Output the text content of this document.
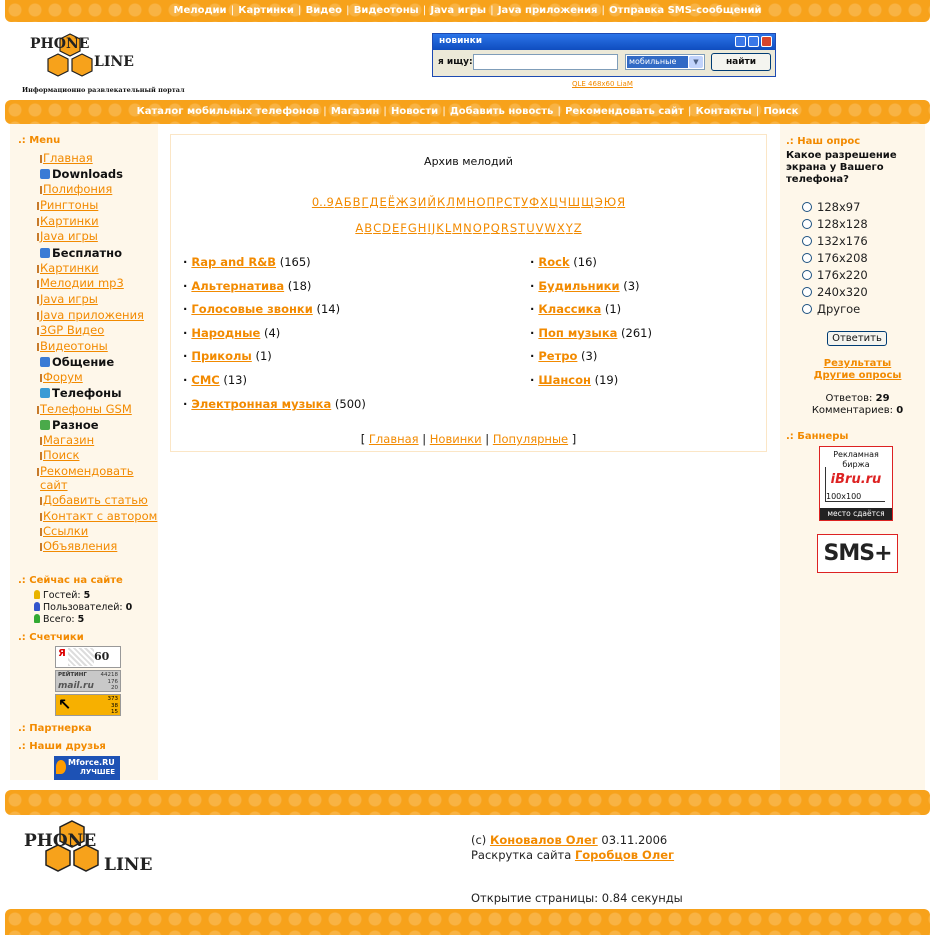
Мелодии | Картинки | Видео | Видеотоны | Java игры | Java приложения | Отправка SMS-сообщений
PHONE
LINE
Информационно развлекательный портал
новинки
я ищу:	мобильные	▼	найти
QLE 468x60 LiaM
Каталог мобильных телефонов | Магазин | Новости | Добавить новость | Рекомендовать сайт | Контакты | Поиск
Архив мелодий
0..9АБВГДЕЁЖЗИЙКЛМНОПРСТУФХЦЧШЩЭЮЯ
ABCDEFGHIJKLMNOPQRSTUVWXYZ
[ Главная | Новинки | Популярные ]
.: Menu
Главная
Downloads
Полифония
Рингтоны
Картинки
Java игры
Бесплатно
Картинки
Мелодии mp3
Java игры
Java приложения
3GP Видео
Видеотоны
Общение
Форум
Телефоны
Телефоны GSM
Разное
Магазин
Поиск
Рекомендовать
сайт
Добавить статью
Контакт с автором
Ссылки
Объявления
.: Сейчас на сайте
Гостей: 5
Пользователей: 0
Всего: 5
.: Счетчики
Я	60
РЕЙТИНГ
mail.ru
44218
176
20
↖	373
38
15
.: Партнерка
.: Наши друзья
Mforce.RU
ЛУЧШЕЕ
· Rap and R&B (165)
· Альтернатива (18)
· Голосовые звонки (14)
· Народные (4)
· Приколы (1)
· СМС (13)
· Электронная музыка (500)
· Rock (16)
· Будильники (3)
· Классика (1)
· Поп музыка (261)
· Ретро (3)
· Шансон (19)
.: Наш опрос
Какое разрешение экрана у Вашего телефона?
128x97
128x128
132x176
176x208
176x220
240x320
Другое
Ответить
Результаты
Другие опросы
Ответов: 29
Комментариев: 0
.: Баннеры
Рекламная
биржа
iBru.ru
100x100
место сдаётся
SMS+
PHONE
LINE
(с) Коновалов Олег 03.11.2006
Раскрутка сайта Горобцов Олег
Открытие страницы: 0.84 секунды
